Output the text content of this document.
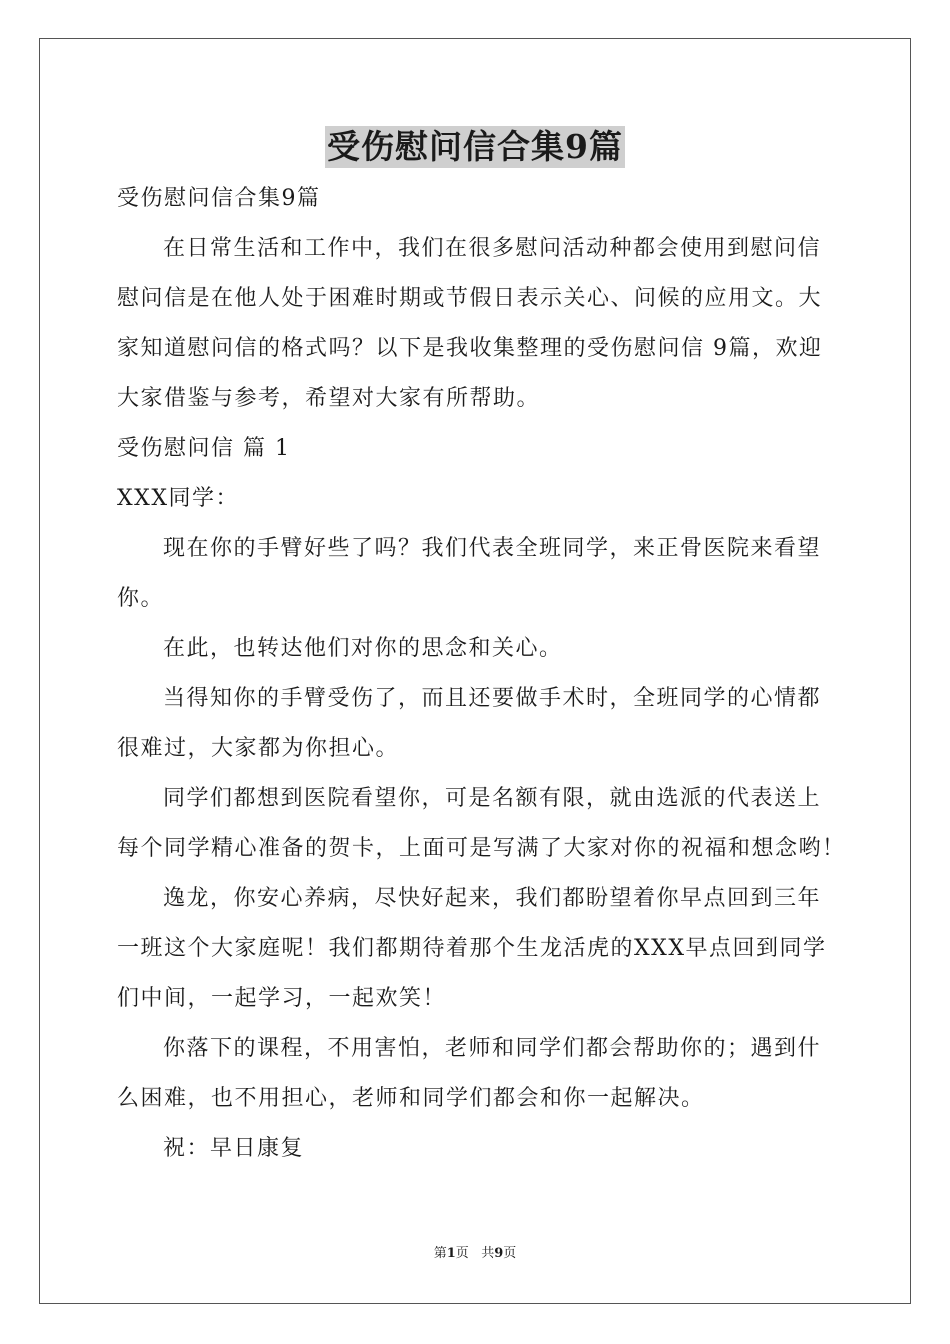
受伤慰问信合集9篇
受伤慰问信合集9篇
在日常生活和工作中，我们在很多慰问活动种都会使用到慰问信
慰问信是在他人处于困难时期或节假日表示关心、问候的应用文。大
家知道慰问信的格式吗？以下是我收集整理的受伤慰问信 9篇，欢迎
大家借鉴与参考，希望对大家有所帮助。
受伤慰问信 篇 1
XXX同学：
现在你的手臂好些了吗？我们代表全班同学，来正骨医院来看望
你。
在此，也转达他们对你的思念和关心。
当得知你的手臂受伤了，而且还要做手术时，全班同学的心情都
很难过，大家都为你担心。
同学们都想到医院看望你，可是名额有限，就由选派的代表送上
每个同学精心准备的贺卡，上面可是写满了大家对你的祝福和想念哟！
逸龙，你安心养病，尽快好起来，我们都盼望着你早点回到三年
一班这个大家庭呢！我们都期待着那个生龙活虎的XXX早点回到同学
们中间，一起学习，一起欢笑！
你落下的课程，不用害怕，老师和同学们都会帮助你的；遇到什
么困难，也不用担心，老师和同学们都会和你一起解决。
祝：早日康复
第1页   共9页
